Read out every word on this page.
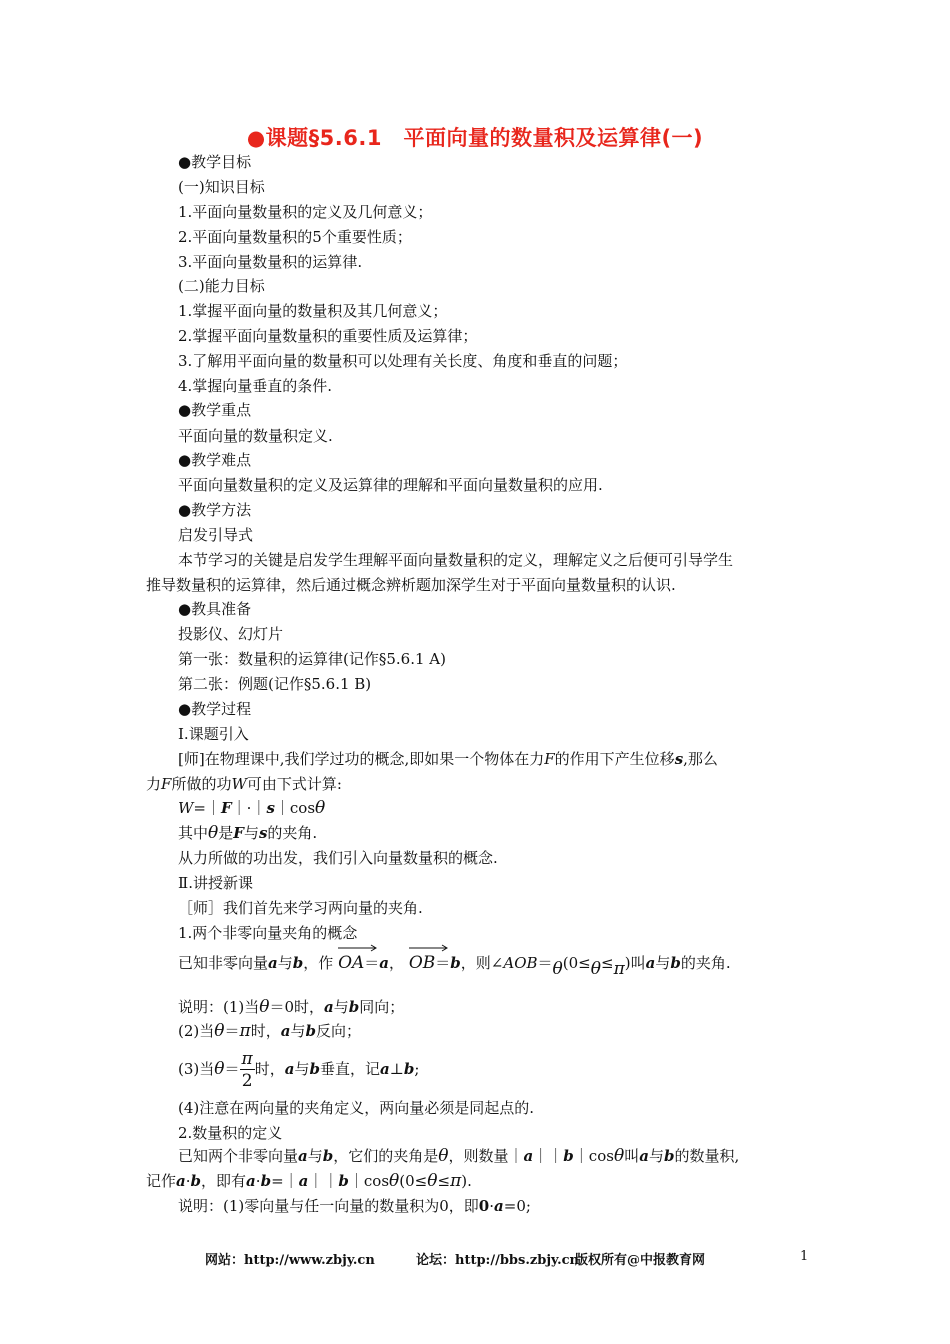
●课题§5.6.1　平面向量的数量积及运算律(一)
●教学目标
(一)知识目标
1.平面向量数量积的定义及几何意义；
2.平面向量数量积的5个重要性质；
3.平面向量数量积的运算律.
(二)能力目标
1.掌握平面向量的数量积及其几何意义；
2.掌握平面向量数量积的重要性质及运算律；
3.了解用平面向量的数量积可以处理有关长度、角度和垂直的问题；
4.掌握向量垂直的条件.
●教学重点
平面向量的数量积定义.
●教学难点
平面向量数量积的定义及运算律的理解和平面向量数量积的应用.
●教学方法
启发引导式
本节学习的关键是启发学生理解平面向量数量积的定义，理解定义之后便可引导学生
推导数量积的运算律，然后通过概念辨析题加深学生对于平面向量数量积的认识.
●教具准备
投影仪、幻灯片
第一张：数量积的运算律(记作§5.6.1 A)
第二张：例题(记作§5.6.1 B)
●教学过程
Ⅰ.课题引入
[师]在物理课中,我们学过功的概念,即如果一个物体在力F的作用下产生位移s,那么
力F所做的功W可由下式计算:
W=｜F｜·｜s｜cosθ
其中θ是F与s的夹角.
从力所做的功出发，我们引入向量数量积的概念.
Ⅱ.讲授新课
［师］我们首先来学习两向量的夹角.
1.两个非零向量夹角的概念
已知非零向量a与b，作 OA＝a， OB＝b，则∠AOB＝θ(0≤θ≤π)叫a与b的夹角.
说明：(1)当θ＝0时，a与b同向；
(2)当θ＝π时，a与b反向；
(3)当$\theta= \frac{\pi}{2}$ 时，a与b垂直，记a⊥b;
(4)注意在两向量的夹角定义，两向量必须是同起点的.
2.数量积的定义
已知两个非零向量a与b，它们的夹角是θ，则数量｜a｜｜b｜cosθ叫a与b的数量积,
记作a·b，即有a·b=｜a｜｜b｜cosθ(0≤θ≤π).
说明：(1)零向量与任一向量的数量积为0，即0·a=0;
网站：http://www.zbjy.cn	论坛：http://bbs.zbjy.cn
版权所有@中报教育网	1
